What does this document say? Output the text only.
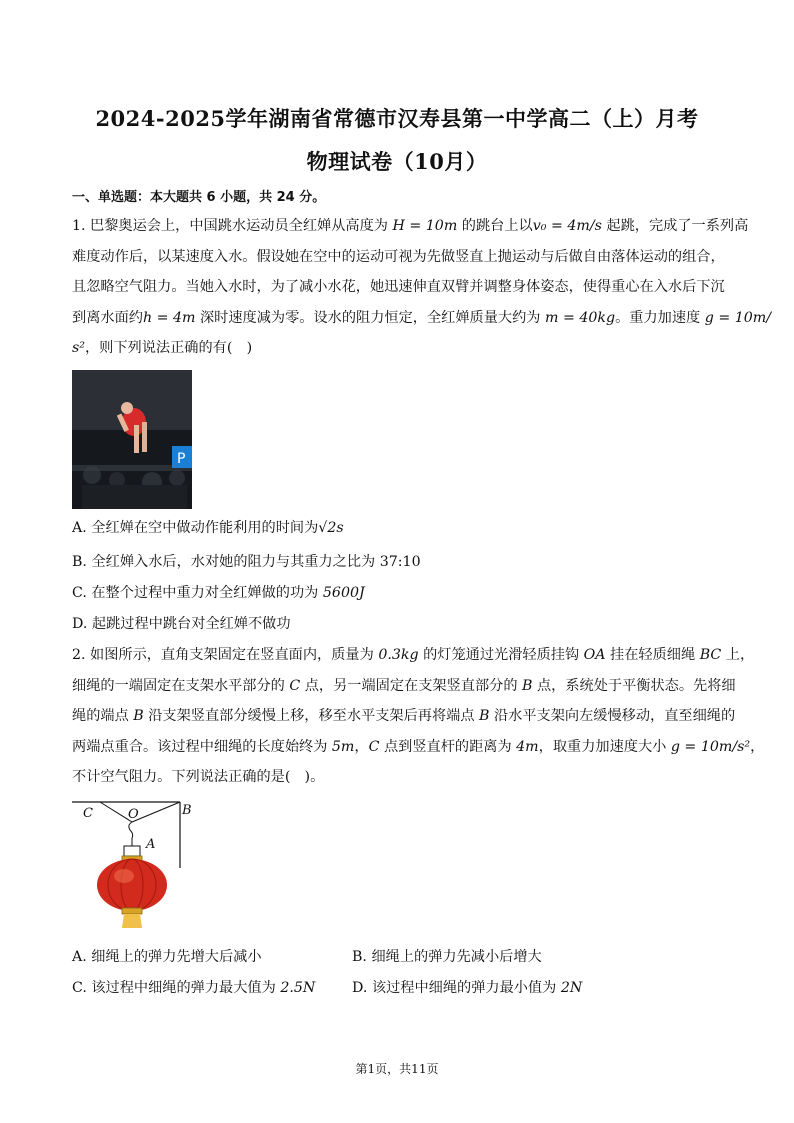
2024-2025学年湖南省常德市汉寿县第一中学高二（上）月考
物理试卷（10月）
一、单选题：本大题共 6 小题，共 24 分。
1. 巴黎奥运会上，中国跳水运动员全红婵从高度为 H = 10m 的跳台上以v₀ = 4m/s 起跳，完成了一系列高
难度动作后，以某速度入水。假设她在空中的运动可视为先做竖直上抛运动与后做自由落体运动的组合，
且忽略空气阻力。当她入水时，为了减小水花，她迅速伸直双臂并调整身体姿态，使得重心在入水后下沉
到离水面约h = 4m 深时速度减为零。设水的阻力恒定，全红婵质量大约为 m = 40kg。重力加速度 g = 10m/
s²，则下列说法正确的有(　)
P
A. 全红婵在空中做动作能利用的时间为√2s
B. 全红婵入水后，水对她的阻力与其重力之比为 37:10
C. 在整个过程中重力对全红婵做的功为 5600J
D. 起跳过程中跳台对全红婵不做功
2. 如图所示，直角支架固定在竖直面内，质量为 0.3kg 的灯笼通过光滑轻质挂钩 OA 挂在轻质细绳 BC 上，
细绳的一端固定在支架水平部分的 C 点，另一端固定在支架竖直部分的 B 点，系统处于平衡状态。先将细
绳的端点 B 沿支架竖直部分缓慢上移，移至水平支架后再将端点 B 沿水平支架向左缓慢移动，直至细绳的
两端点重合。该过程中细绳的长度始终为 5m，C 点到竖直杆的距离为 4m，取重力加速度大小 g = 10m/s²，
不计空气阻力。下列说法正确的是(　)。
C	O	B
A
A. 细绳上的弹力先增大后减小	B. 细绳上的弹力先减小后增大
C. 该过程中细绳的弹力最大值为 2.5N	D. 该过程中细绳的弹力最小值为 2N
第1页，共11页
